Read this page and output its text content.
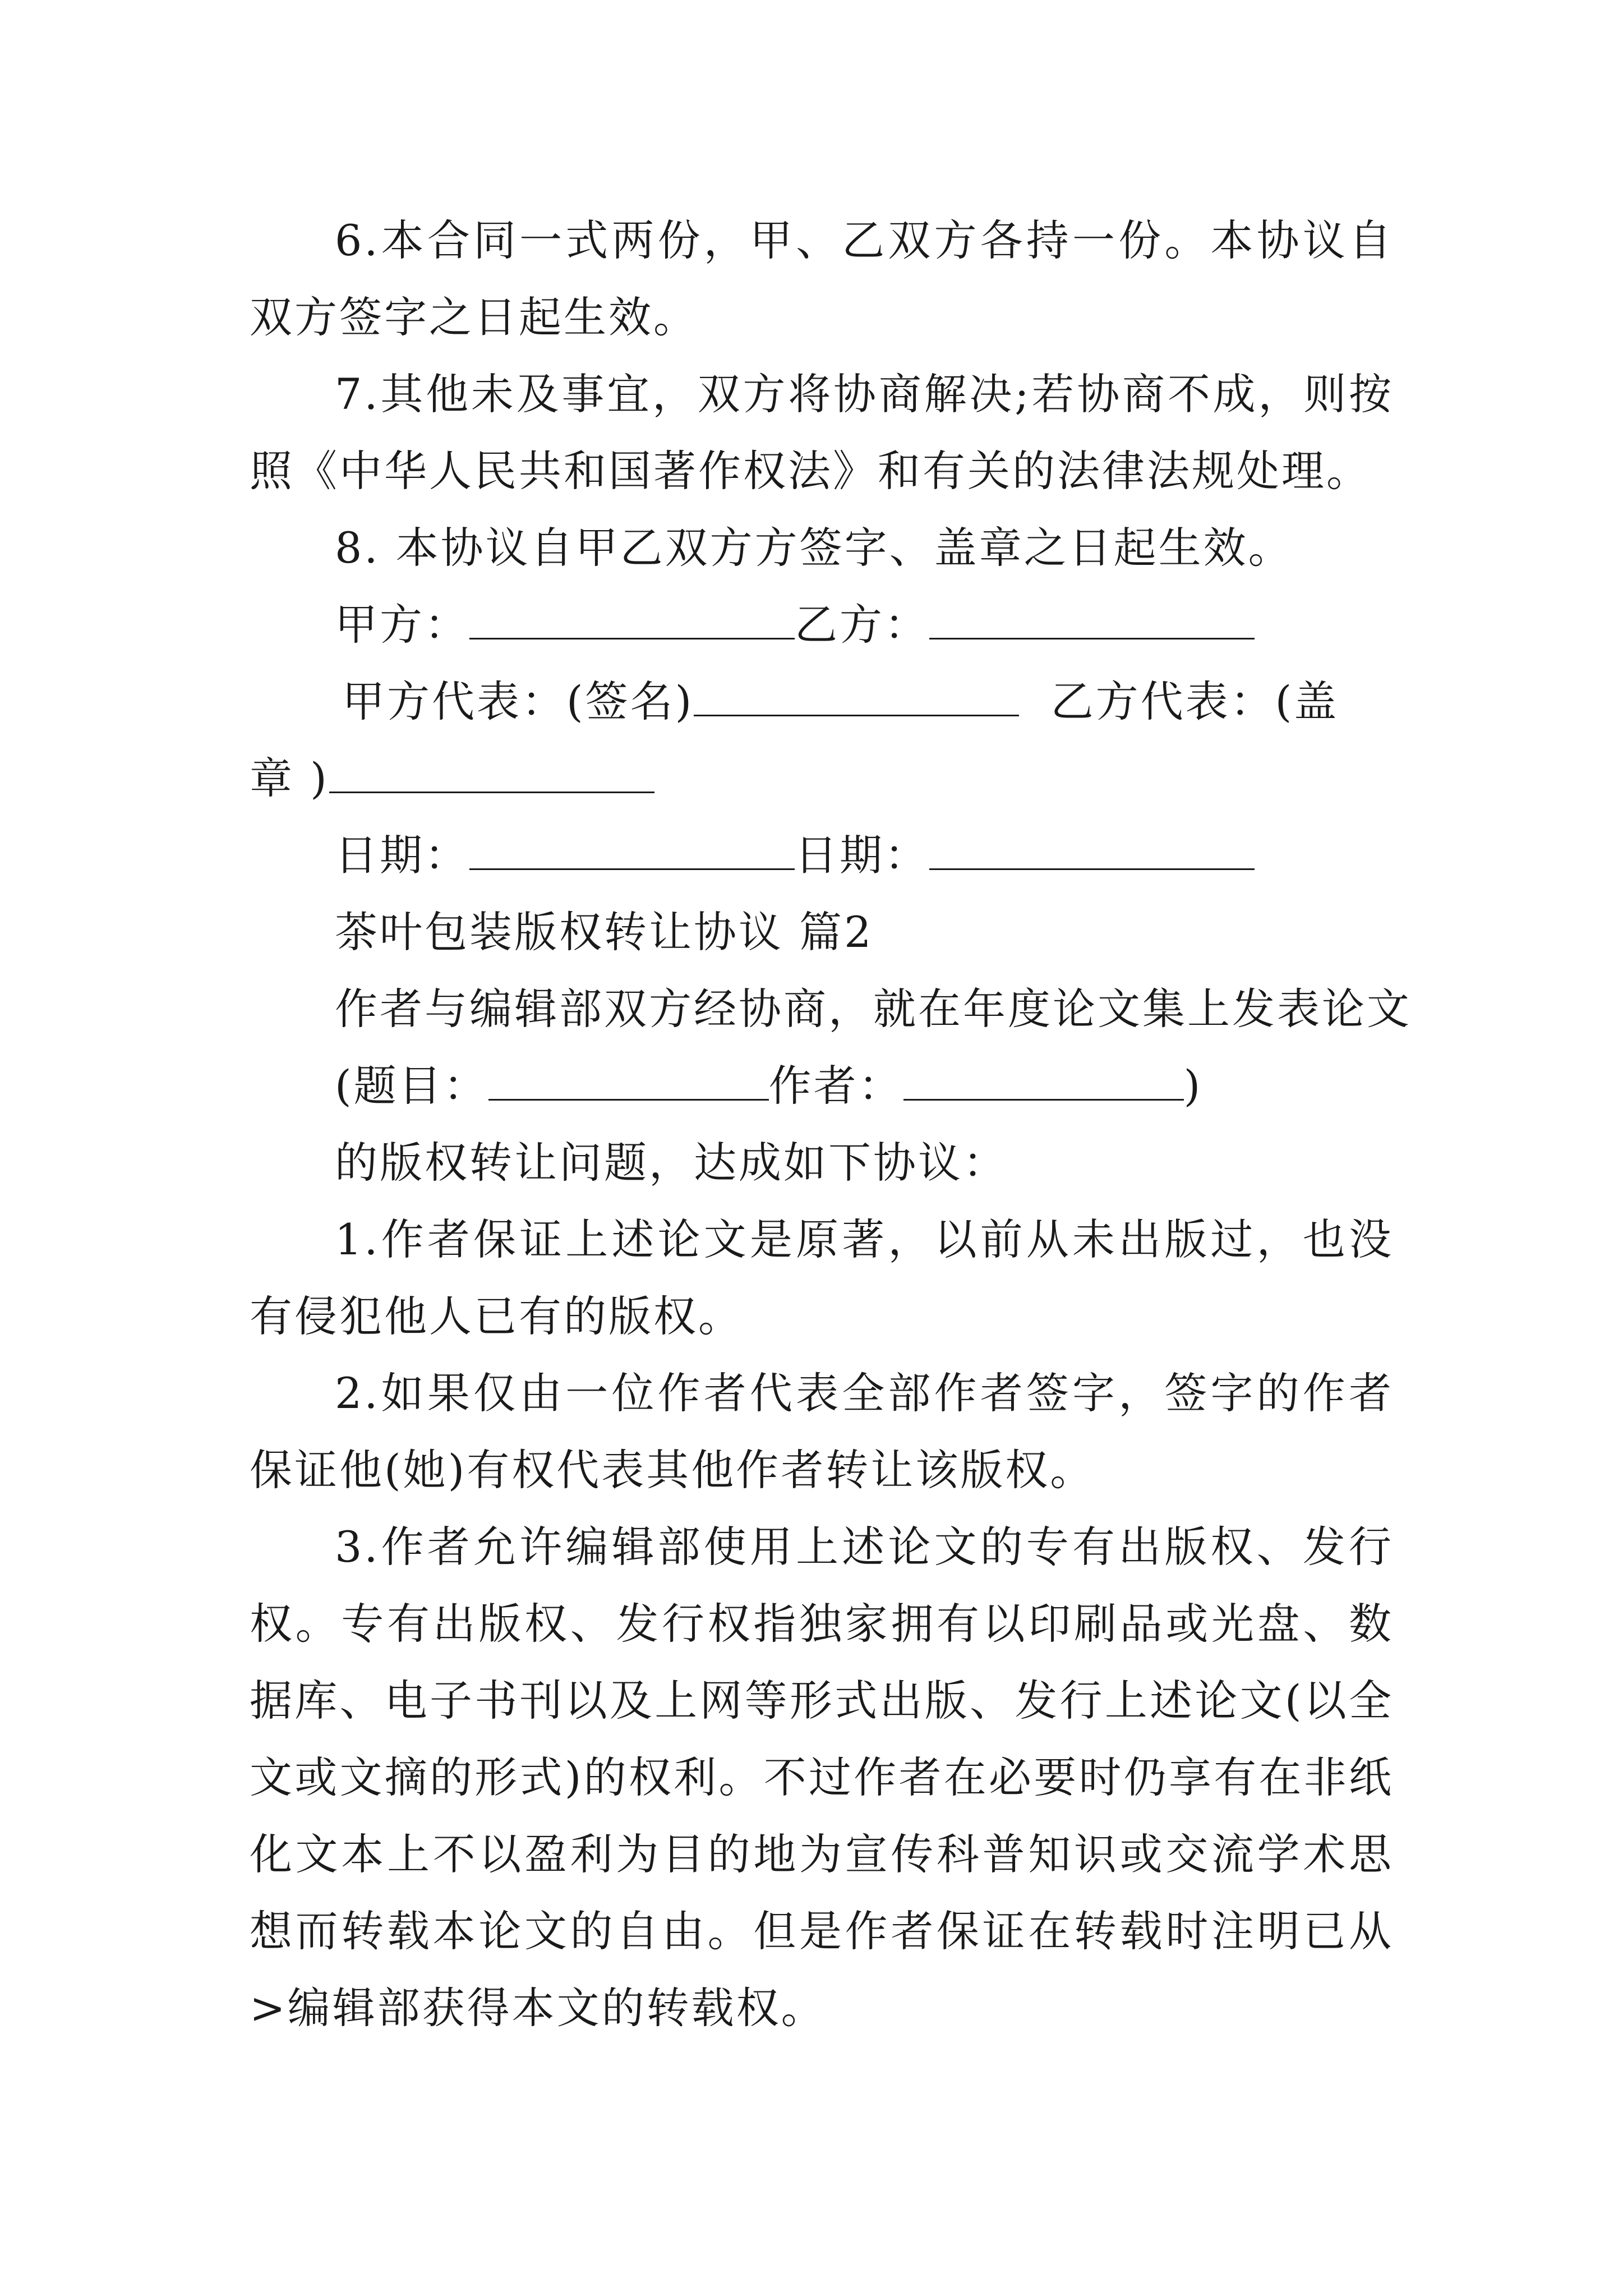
6.本合同一式两份，甲、乙双方各持一份。本协议自双方签字之日起生效。

7.其他未及事宜，双方将协商解决;若协商不成，则按照《中华人民共和国著作权法》和有关的法律法规处理。

8. 本协议自甲乙双方方签字、盖章之日起生效。

甲方：	乙方：

甲方代表：(签名)	乙方代表：(盖

章 )

日期：	日期：

茶叶包装版权转让协议 篇2

作者与编辑部双方经协商，就在年度论文集上发表论文

(题目：	作者：	)

的版权转让问题，达成如下协议：

1.作者保证上述论文是原著，以前从未出版过，也没有侵犯他人已有的版权。

2.如果仅由一位作者代表全部作者签字，签字的作者保证他(她)有权代表其他作者转让该版权。

3.作者允许编辑部使用上述论文的专有出版权、发行权。专有出版权、发行权指独家拥有以印刷品或光盘、数据库、电子书刊以及上网等形式出版、发行上述论文(以全文或文摘的形式)的权利。不过作者在必要时仍享有在非纸化文本上不以盈利为目的地为宣传科普知识或交流学术思想而转载本论文的自由。但是作者保证在转载时注明已从>编辑部获得本文的转载权。
